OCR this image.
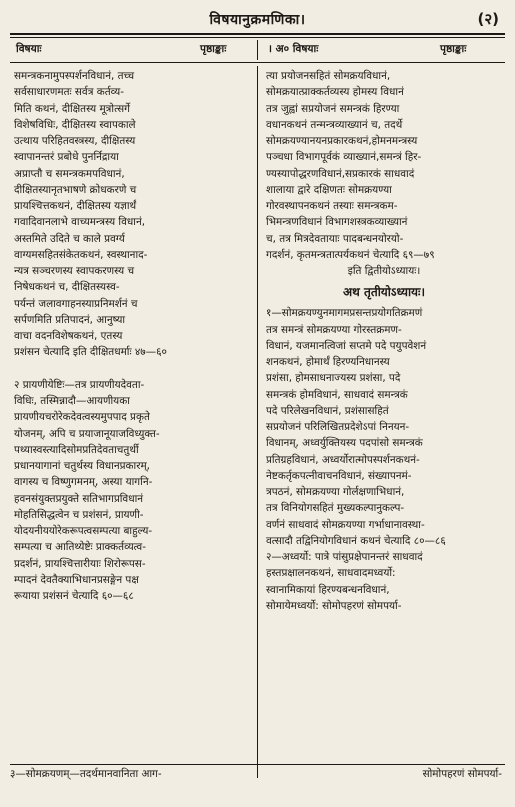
विषयानुक्रमणिका।	(२)
विषयाः	पृष्ठाङ्काः	। अ० विषयाः	पृष्ठाङ्काः
समन्त्रकनामुपस्पर्शनविधानं, तच्च
सर्वसाधारणमतः सर्वत्र कर्तव्य-
मिति कथनं, दीक्षितस्य मूत्रोत्सर्गे
विशेषविधिः, दीक्षितस्य स्वापकाले
उत्थाय परिहितवस्त्रस्य, दीक्षितस्य
स्वापानन्तरं प्रबोधे पुनर्निद्राया
अप्राप्तौ च समन्त्रकमपविधानं,
दीक्षितस्यानृतभाषणे क्रोधकरणे च
प्रायश्चित्तकथनं, दीक्षितस्य यज्ञार्थं
गवादिवानलाभे वाच्यमन्त्रस्य विधानं,
अस्तमिते उदिते च काले प्रवर्ग्य
वाग्यमसहितसंकेतकथनं, स्वस्थानाद-
न्यत्र सञ्चरणस्य स्वापकरणस्य च
निषेधकथनं च, दीक्षितस्यस्व-
पर्यन्तं जलावगाहनस्याप्रनिमर्शनं च
सर्पणमिति प्रतिपादनं, आनुष्या
वाचा वदनविशेषकथनं, एतस्य
प्रशंसन चेत्यादि इति दीक्षितधर्माः ४७—६०
२ प्रायणीयेष्टिः—तत्र प्रायणीयदेवता-
विधिः, तस्मिन्नादौ—आयणीयका
प्रायणीयचरोरेकदेवत्वस्यमुपपाद प्रकृते
योजनम्, अपि च प्रयाजानूयाजविध्युक्त-
पथ्यास्वस्त्यादिसोमप्रतिदेवताचतुर्थी
प्रधानयागानां चतुर्थस्य विधानप्रकारम्,
वागस्य च विष्णुगमनम्, अस्या यागनि-
हवनसंयुक्तप्रयुक्ते सतिभागप्रविधानं
मोहतिसिद्धत्वेन च प्रशंसनं, प्रायणी-
योदयनीययोरेकरूपत्वसम्पत्या बाहुल्य-
सम्पत्या च आतिथ्येष्टेः प्राक्कर्तव्यत्व-
प्रदर्शनं, प्रायश्चित्तारीयाः शिरोरूपस-
म्पादनं देवतैक्याभिधानप्रसङ्गेन पक्ष
रूयाया प्रशंसनं चेत्यादि ६०—६८
त्या प्रयोजनसहितं सोमक्रयविधानं,
सोमक्रयात्प्राक्कर्तव्यस्य होमस्य विधानं
तत्र जुह्वां सप्रयोजनं समन्त्रकं हिरण्या
वधानकथनं तन्मन्त्रव्याख्यानं च, तदर्थे
सोमक्रयण्यानयनप्रकारकथनं,होमनमन्त्रस्य
पञ्चधा विभागपूर्वकं व्याख्यानं,समन्त्रं हिर-
ण्यस्यापोद्धरणविधानं,सप्रकारकं साधवादं
शालाया द्वारे दक्षिणतः सोमक्रयण्या
गोरवस्थापनकथनं तस्याः समन्त्रकम-
भिमन्त्रणविधानं विभागशस्त्रकव्याख्यानं
च, तत्र मित्रदेवतायाः पादबन्धनयोरयो-
गदर्शनं, कृतमन्त्रतात्पर्यकथनं चेत्यादि ६९—७९
इति द्वितीयोऽध्यायः।
अथ तृतीयोऽध्यायः।
१—सोमक्रयण्युनमागमप्रसन्तप्रयोगतिक्रमणं
तत्र समन्त्रं सोमक्रयण्या गोरस्तक्रमण-
विधानं, यजमानत्विजां सप्तमे पदे पयुपवेशनं
शनकथनं, होमार्थं हिरण्यनिधानस्य
प्रशंसा, होमसाधनाज्यस्य प्रशंसा, पदे
समन्त्रकं होमविधानं, साधवादं समन्त्रकं
पदे परिलेखनविधानं, प्रशंसासहितं
सप्रयोजनं परिलिखितप्रदेशेऽपां निनयन-
विधानम्, अध्वर्युक्तियस्य पदपांसो समन्त्रकं
प्रतिग्रहविधानं, अध्वर्योरात्मोपस्पर्शनकथनं-
नेष्टकर्तृकपत्नीवाचनविधानं, संख्यापनमं-
त्रपठनं, सोमक्रयण्या गोर्लक्षणाभिधानं,
तत्र विनियोगसहितं मुख्यकल्पानुकल्प-
वर्णनं साधवादं सोमक्रयण्या गर्भाधानावस्था-
वत्सादौ तद्विनियोगविधानं कथनं चेत्यादि ८०—८६
२—अध्वर्यो: पात्रे पांसुप्रक्षेपानन्तरं साधवादं
हस्तप्रक्षालनकथनं, साधवादमध्वर्यो:
स्वानामिकायां हिरण्यबन्धनविधानं,
सोमायेमध्वर्यो: सोमोपहरणं सोमपर्या-
३—सोमक्रयणम्—तदर्थमानवानिता आग-	सोमोपहरणं सोमपर्या-
